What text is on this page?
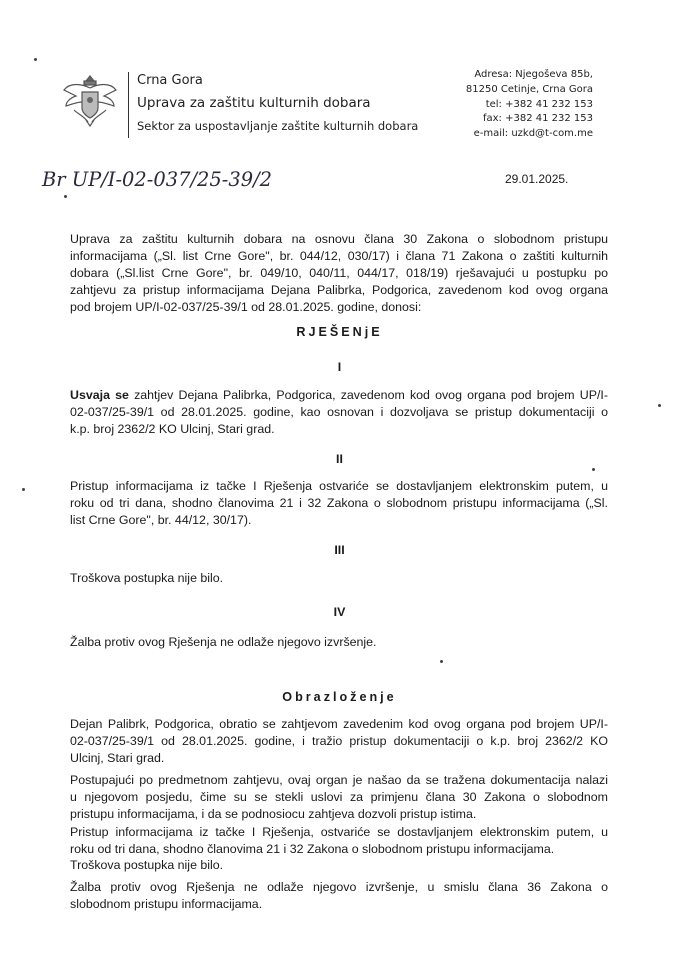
Crna Gora
Uprava za zaštitu kulturnih dobara
Sektor za uspostavljanje zaštite kulturnih dobara
Adresa: Njegoševa 85b,
81250 Cetinje, Crna Gora
tel: +382 41 232 153
fax: +382 41 232 153
e-mail: uzkd@t-com.me
Br UP/I-02-037/25-39/2	29.01.2025.
Uprava za zaštitu kulturnih dobara na osnovu člana 30 Zakona o slobodnom pristupu
informacijama („Sl. list Crne Gore", br. 044/12, 030/17) i člana 71 Zakona o zaštiti kulturnih
dobara („Sl.list Crne Gore", br. 049/10, 040/11, 044/17, 018/19) rješavajući u postupku po
zahtjevu za pristup informacijama Dejana Palibrka, Podgorica, zavedenom kod ovog organa
pod brojem UP/I-02-037/25-39/1 od 28.01.2025. godine, donosi:
RJEŠENjE
I
Usvaja se zahtjev Dejana Palibrka, Podgorica, zavedenom kod ovog organa pod brojem UP/I-
02-037/25-39/1 od 28.01.2025. godine, kao osnovan i dozvoljava se pristup dokumentaciji o
k.p. broj 2362/2 KO Ulcinj, Stari grad.
II
Pristup informacijama iz tačke I Rješenja ostvariće se dostavljanjem elektronskim putem, u
roku od tri dana, shodno članovima 21 i 32 Zakona o slobodnom pristupu informacijama („Sl.
list Crne Gore", br. 44/12, 30/17).
III
Troškova postupka nije bilo.
IV
Žalba protiv ovog Rješenja ne odlaže njegovo izvršenje.
Obrazloženje
Dejan Palibrk, Podgorica, obratio se zahtjevom zavedenim kod ovog organa pod brojem UP/I-
02-037/25-39/1 od 28.01.2025. godine, i tražio pristup dokumentaciji o k.p. broj 2362/2 KO
Ulcinj, Stari grad.
Postupajući po predmetnom zahtjevu, ovaj organ je našao da se tražena dokumentacija nalazi
u njegovom posjedu, čime su se stekli uslovi za primjenu člana 30 Zakona o slobodnom
pristupu informacijama, i da se podnosiocu zahtjeva dozvoli pristup istima.
Pristup informacijama iz tačke I Rješenja, ostvariće se dostavljanjem elektronskim putem, u
roku od tri dana, shodno članovima 21 i 32 Zakona o slobodnom pristupu informacijama.
Troškova postupka nije bilo.
Žalba protiv ovog Rješenja ne odlaže njegovo izvršenje, u smislu člana 36 Zakona o
slobodnom pristupu informacijama.
